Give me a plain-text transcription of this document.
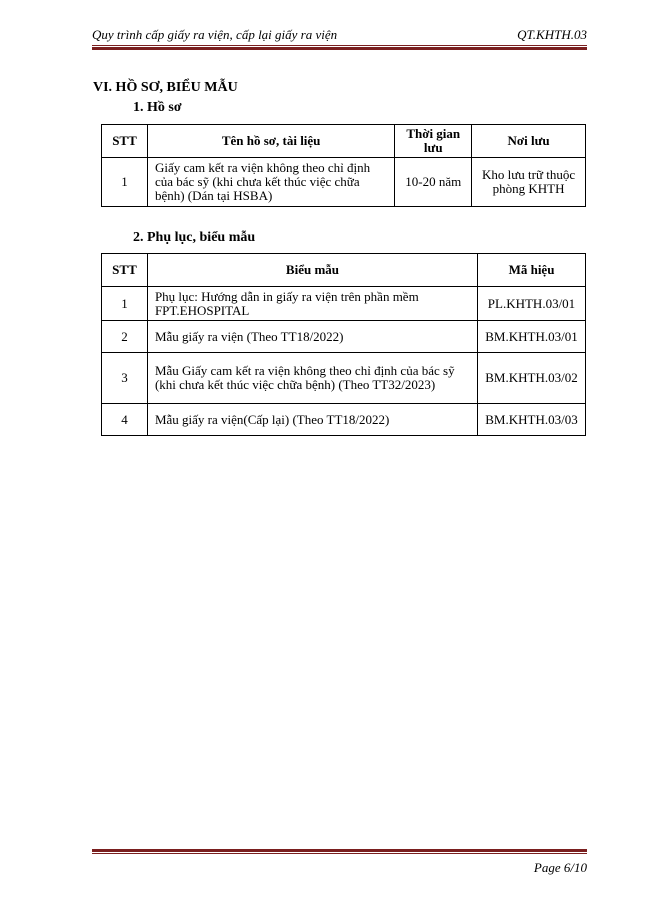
Quy trình cấp giấy ra viện, cấp lại giấy ra viện	QT.KHTH.03
VI. HỒ SƠ, BIỂU MẪU
1. Hồ sơ
STT	Tên hồ sơ, tài liệu	Thời gian lưu	Nơi lưu
1	Giấy cam kết ra viện không theo chỉ định của bác sỹ (khi chưa kết thúc việc chữa bệnh) (Dán tại HSBA)	10-20 năm	Kho lưu trữ thuộc phòng KHTH
2. Phụ lục, biểu mẫu
STT	Biểu mẫu	Mã hiệu
1	Phụ lục: Hướng dẫn in giấy ra viện trên phần mềm FPT.EHOSPITAL	PL.KHTH.03/01
2	Mẫu giấy ra viện (Theo TT18/2022)	BM.KHTH.03/01
3	Mẫu Giấy cam kết ra viện không theo chỉ định của bác sỹ (khi chưa kết thúc việc chữa bệnh) (Theo TT32/2023)	BM.KHTH.03/02
4	Mẫu giấy ra viện(Cấp lại) (Theo TT18/2022)	BM.KHTH.03/03
Page 6/10
